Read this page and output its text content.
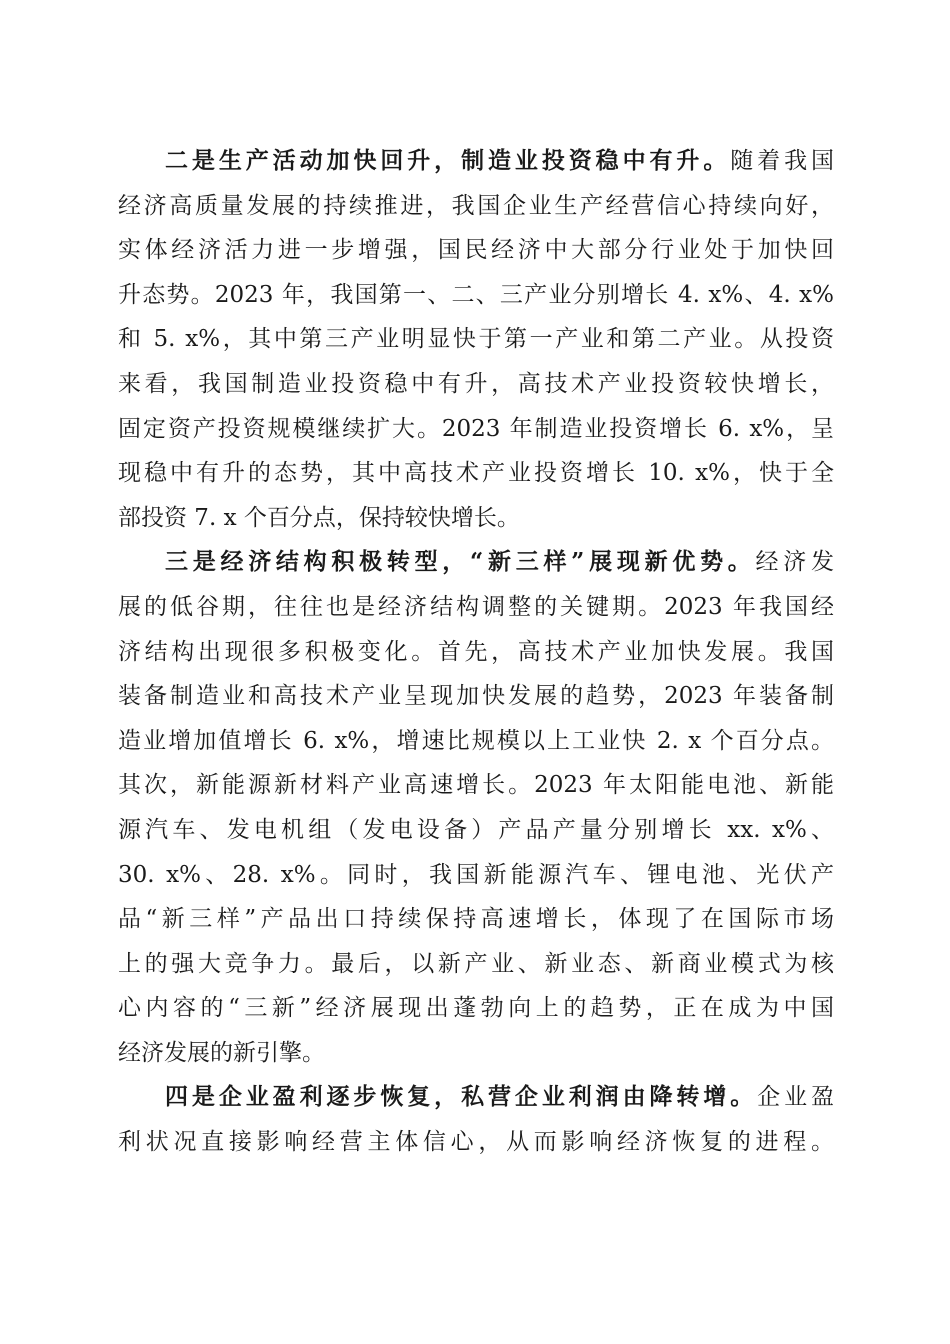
二是生产活动加快回升，制造业投资稳中有升。随着我国
经济高质量发展的持续推进，我国企业生产经营信心持续向好，
实体经济活力进一步增强，国民经济中大部分行业处于加快回
升态势。2023 年，我国第一、二、三产业分别增长 4. x%、4. x%
和 5. x%，其中第三产业明显快于第一产业和第二产业。从投资
来看，我国制造业投资稳中有升，高技术产业投资较快增长，
固定资产投资规模继续扩大。2023 年制造业投资增长 6. x%，呈
现稳中有升的态势，其中高技术产业投资增长 10. x%，快于全
部投资 7. x 个百分点，保持较快增长。
三是经济结构积极转型，“新三样”展现新优势。经济发
展的低谷期，往往也是经济结构调整的关键期。2023 年我国经
济结构出现很多积极变化。首先，高技术产业加快发展。我国
装备制造业和高技术产业呈现加快发展的趋势，2023 年装备制
造业增加值增长 6. x%，增速比规模以上工业快 2. x 个百分点。
其次，新能源新材料产业高速增长。2023 年太阳能电池、新能
源汽车、发电机组（发电设备）产品产量分别增长 xx. x%、
30. x%、28. x%。同时，我国新能源汽车、锂电池、光伏产
品“新三样”产品出口持续保持高速增长，体现了在国际市场
上的强大竞争力。最后，以新产业、新业态、新商业模式为核
心内容的“三新”经济展现出蓬勃向上的趋势，正在成为中国
经济发展的新引擎。
四是企业盈利逐步恢复，私营企业利润由降转增。企业盈
利状况直接影响经营主体信心，从而影响经济恢复的进程。
